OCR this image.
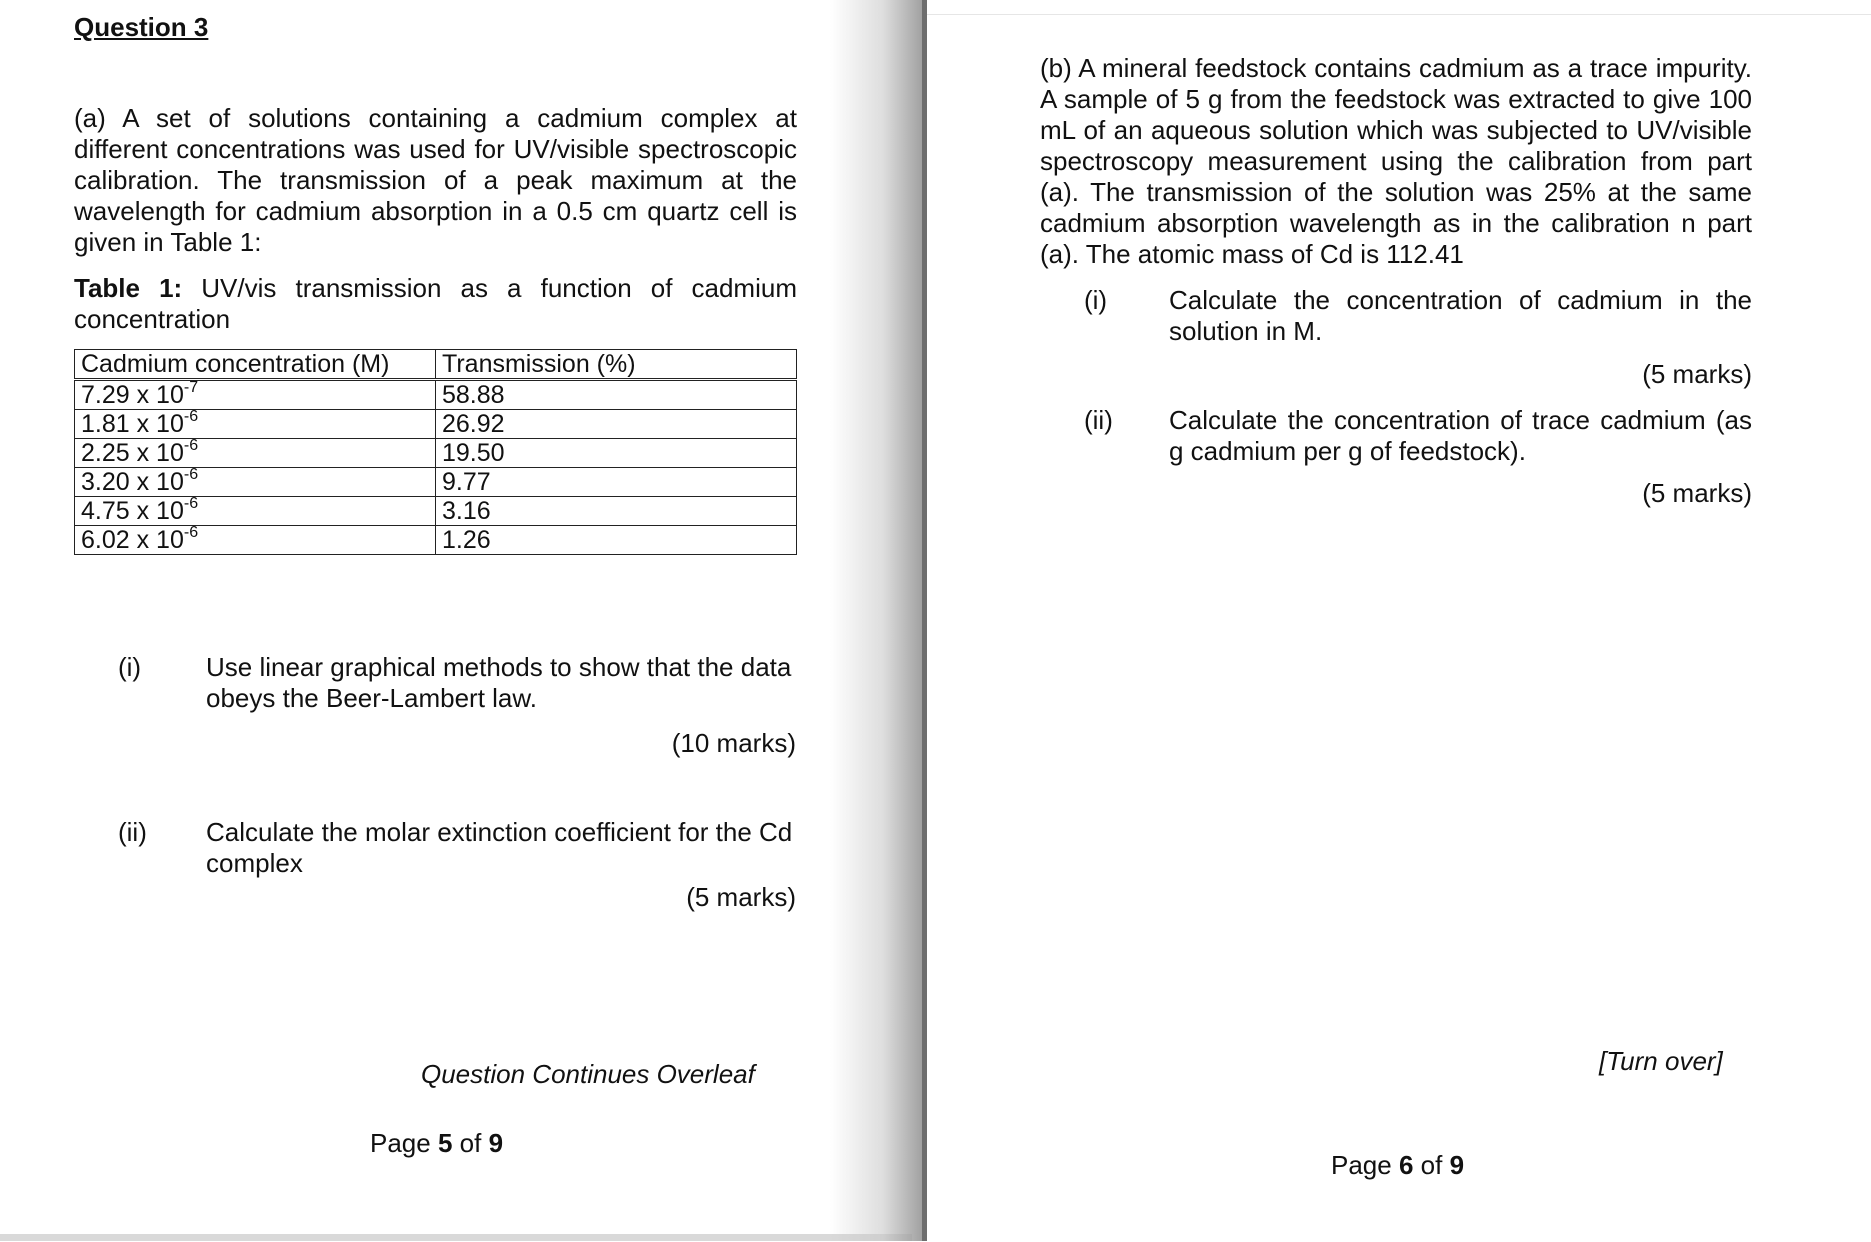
Question 3
(a) A set of solutions containing a cadmium complex at different concentrations was used for UV/visible spectroscopic calibration. The transmission of a peak maximum at the wavelength for cadmium absorption in a 0.5 cm quartz cell is given in Table 1:
Table 1: UV/vis transmission as a function of cadmium concentration
Cadmium concentration (M)	Transmission (%)
7.29 x $10^{-7}$	58.88
1.81 x $10^{-6}$	26.92
2.25 x $10^{-6}$	19.50
3.20 x $10^{-6}$	9.77
4.75 x $10^{-6}$	3.16
6.02 x $10^{-6}$	1.26
(i) Use linear graphical methods to show that the data obeys the Beer-Lambert law.
(10 marks)
(ii) Calculate the molar extinction coefficient for the Cd complex
(5 marks)
Question Continues Overleaf
Page 5 of 9
(b) A mineral feedstock contains cadmium as a trace impurity. A sample of 5 g from the feedstock was extracted to give 100 mL of an aqueous solution which was subjected to UV/visible spectroscopy measurement using the calibration from part (a). The transmission of the solution was 25% at the same cadmium absorption wavelength as in the calibration n part (a). The atomic mass of Cd is 112.41
(i) Calculate the concentration of cadmium in the solution in M.
(5 marks)
(ii) Calculate the concentration of trace cadmium (as g cadmium per g of feedstock).
(5 marks)
[Turn over]
Page 6 of 9
